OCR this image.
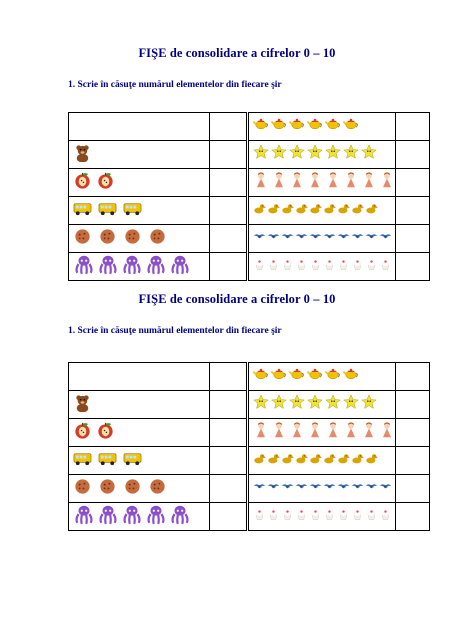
FIŞE de consolidare a cifrelor 0 – 10
1. Scrie în căsuţe numărul elementelor din fiecare şir

FIŞE de consolidare a cifrelor 0 – 10
1. Scrie în căsuţe numărul elementelor din fiecare şir
